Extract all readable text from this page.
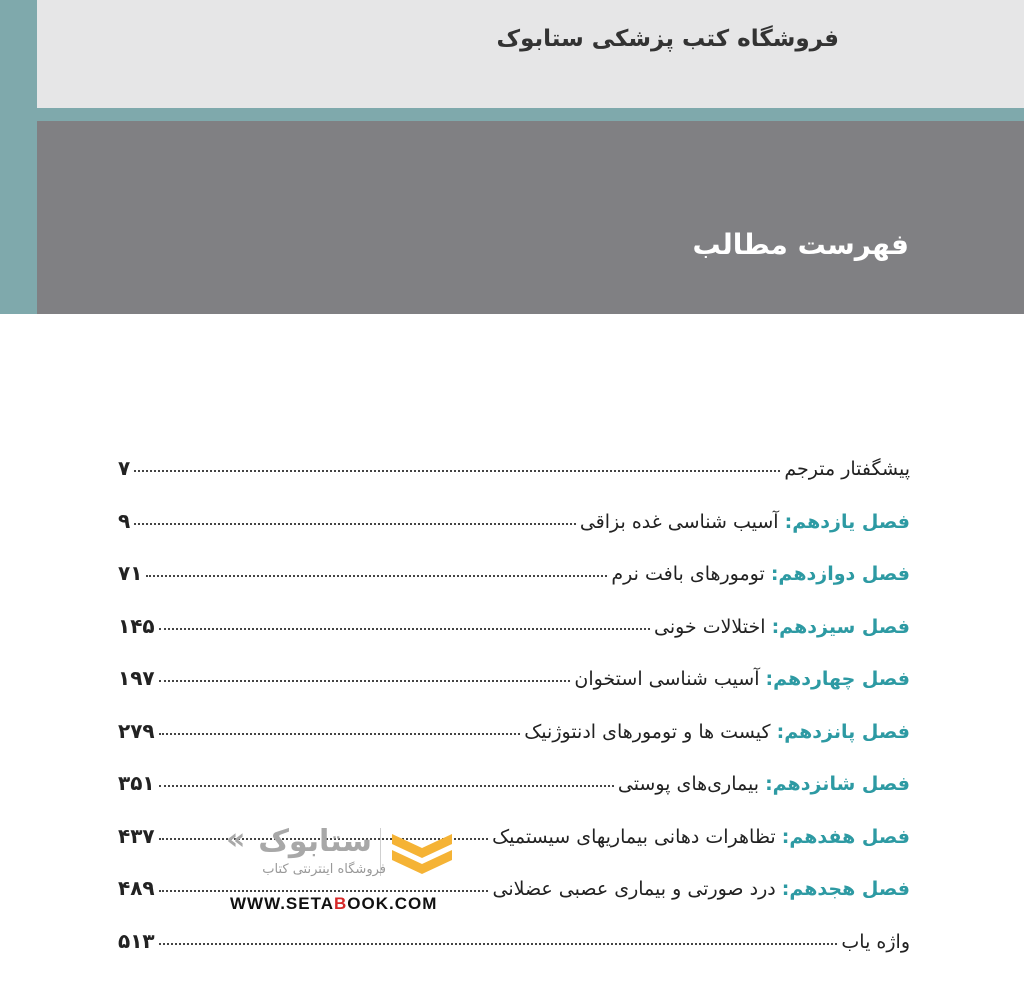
فروشگاه کتب پزشکی ستابوک
فهرست مطالب
۷	پیشگفتار مترجم
۹	فصل یازدهم: آسیب شناسی غده بزاقی
۷۱	فصل دوازدهم: تومورهای بافت نرم
۱۴۵	فصل سیزدهم: اختلالات خونی
۱۹۷	فصل چهاردهم: آسیب شناسی استخوان
۲۷۹	فصل پانزدهم: کیست ها و تومورهای ادنتوژنیک
۳۵۱	فصل شانزدهم: بیماری‌های پوستی
۴۳۷	فصل هفدهم: تظاهرات دهانی بیماریهای سیستمیک
۴۸۹	فصل هجدهم: درد صورتی و بیماری عصبی عضلانی
۵۱۳	واژه یاب
« ستابوک
فروشگاه اینترنتی کتاب
WWW.SETABOOK.COM
